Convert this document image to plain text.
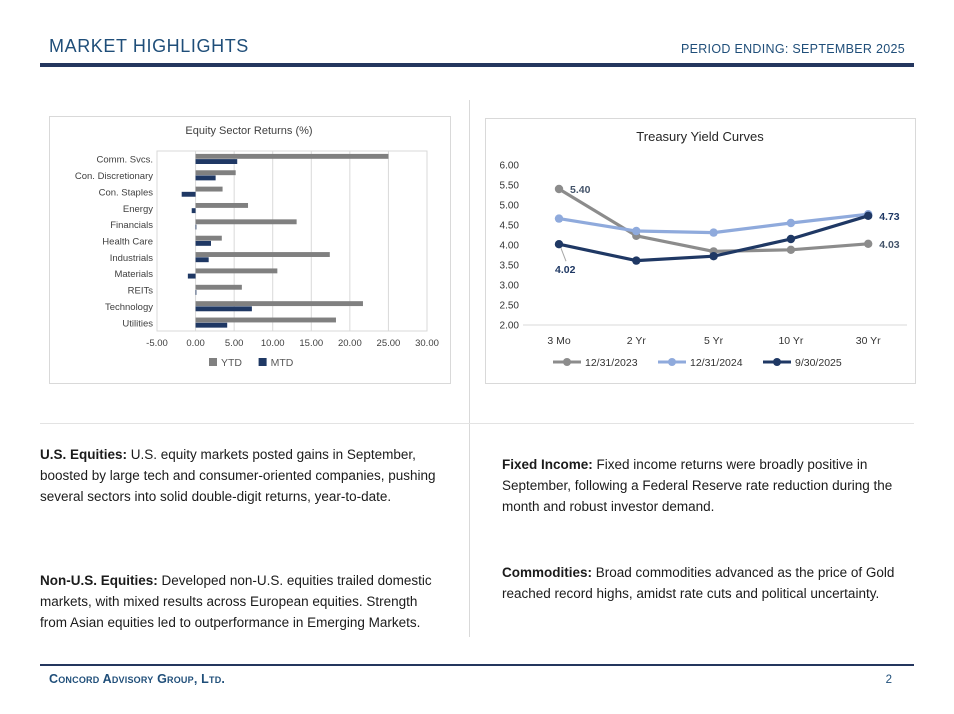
MARKET HIGHLIGHTS	PERIOD ENDING: SEPTEMBER 2025
Equity Sector Returns (%)
-5.00 0.00 5.00 10.00 15.00 20.00 25.00 30.00
Comm. Svcs.
Con. Discretionary
Con. Staples
Energy
Financials
Health Care
Industrials
Materials
REITs
Technology
Utilities
YTD	MTD
Treasury Yield Curves
6.00
5.50
5.00
4.50
4.00
3.50
3.00
2.50
2.00
3 Mo	2 Yr	5 Yr	10 Yr	30 Yr
5.40
4.02
4.73
4.03
12/31/2023	12/31/2024	9/30/2025

U.S. Equities: U.S. equity markets posted gains in September, boosted by large tech and consumer-oriented companies, pushing several sectors into solid double-digit returns, year-to-date.

Non-U.S. Equities: Developed non-U.S. equities trailed domestic markets, with mixed results across European equities. Strength from Asian equities led to outperformance in Emerging Markets.

Fixed Income: Fixed income returns were broadly positive in September, following a Federal Reserve rate reduction during the month and robust investor demand.

Commodities: Broad commodities advanced as the price of Gold reached record highs, amidst rate cuts and political uncertainty.

Concord Advisory Group, Ltd.	2
